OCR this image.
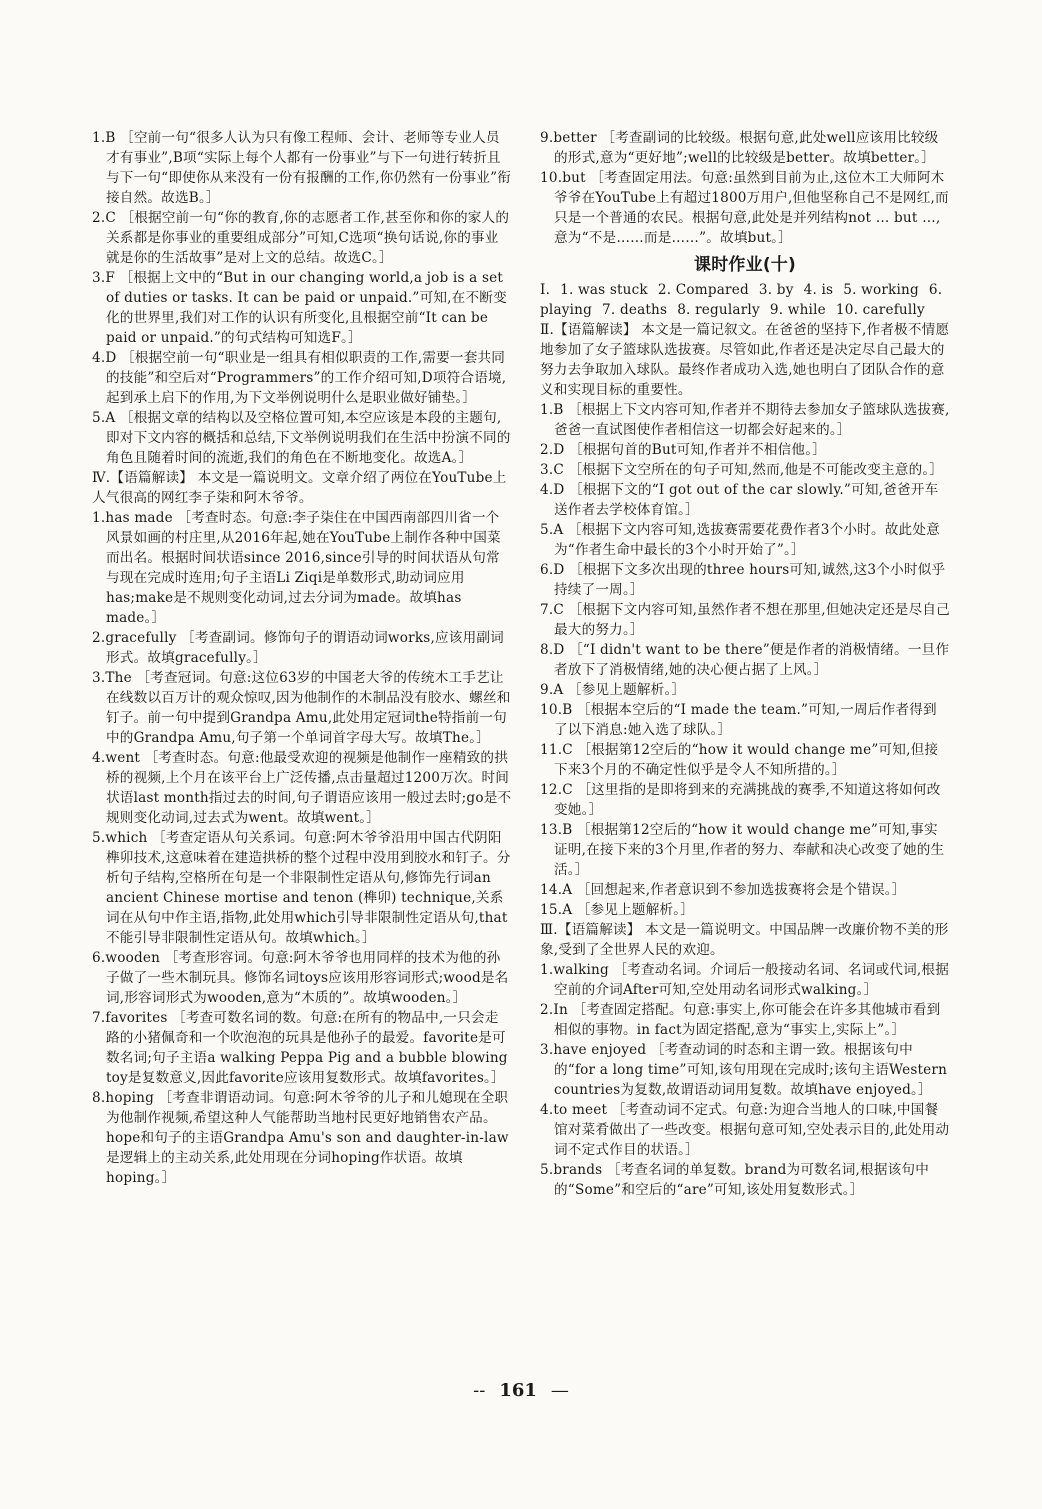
1.B ［空前一句“很多人认为只有像工程师、会计、老师等专业人员才有事业”,B项“实际上每个人都有一份事业”与下一句进行转折且与下一句“即使你从来没有一份有报酬的工作,你仍然有一份事业”衔接自然。故选B。］
2.C ［根据空前一句“你的教育,你的志愿者工作,甚至你和你的家人的关系都是你事业的重要组成部分”可知,C选项“换句话说,你的事业就是你的生活故事”是对上文的总结。故选C。］
3.F ［根据上文中的“But in our changing world,a job is a set of duties or tasks. It can be paid or unpaid.”可知,在不断变化的世界里,我们对工作的认识有所变化,且根据空前“It can be paid or unpaid.”的句式结构可知选F。］
4.D ［根据空前一句“职业是一组具有相似职责的工作,需要一套共同的技能”和空后对“Programmers”的工作介绍可知,D项符合语境,起到承上启下的作用,为下文举例说明什么是职业做好铺垫。］
5.A ［根据文章的结构以及空格位置可知,本空应该是本段的主题句,即对下文内容的概括和总结,下文举例说明我们在生活中扮演不同的角色且随着时间的流逝,我们的角色在不断地变化。故选A。］
Ⅳ.【语篇解读】 本文是一篇说明文。文章介绍了两位在YouTube上人气很高的网红李子柒和阿木爷爷。
1.has made ［考查时态。句意:李子柒住在中国西南部四川省一个风景如画的村庄里,从2016年起,她在YouTube上制作各种中国菜而出名。根据时间状语since 2016,since引导的时间状语从句常与现在完成时连用;句子主语Li Ziqi是单数形式,助动词应用has;make是不规则变化动词,过去分词为made。故填has made。］
2.gracefully ［考查副词。修饰句子的谓语动词works,应该用副词形式。故填gracefully。］
3.The ［考查冠词。句意:这位63岁的中国老大爷的传统木工手艺让在线数以百万计的观众惊叹,因为他制作的木制品没有胶水、螺丝和钉子。前一句中提到Grandpa Amu,此处用定冠词the特指前一句中的Grandpa Amu,句子第一个单词首字母大写。故填The。］
4.went ［考查时态。句意:他最受欢迎的视频是他制作一座精致的拱桥的视频,上个月在该平台上广泛传播,点击量超过1200万次。时间状语last month指过去的时间,句子谓语应该用一般过去时;go是不规则变化动词,过去式为went。故填went。］
5.which ［考查定语从句关系词。句意:阿木爷爷沿用中国古代阴阳榫卯技术,这意味着在建造拱桥的整个过程中没用到胶水和钉子。分析句子结构,空格所在句是一个非限制性定语从句,修饰先行词an ancient Chinese mortise and tenon (榫卯) technique,关系词在从句中作主语,指物,此处用which引导非限制性定语从句,that不能引导非限制性定语从句。故填which。］
6.wooden ［考查形容词。句意:阿木爷爷也用同样的技术为他的孙子做了一些木制玩具。修饰名词toys应该用形容词形式;wood是名词,形容词形式为wooden,意为“木质的”。故填wooden。］
7.favorites ［考查可数名词的数。句意:在所有的物品中,一只会走路的小猪佩奇和一个吹泡泡的玩具是他孙子的最爱。favorite是可数名词;句子主语a walking Peppa Pig and a bubble blowing toy是复数意义,因此favorite应该用复数形式。故填favorites。］
8.hoping ［考查非谓语动词。句意:阿木爷爷的儿子和儿媳现在全职为他制作视频,希望这种人气能帮助当地村民更好地销售农产品。hope和句子的主语Grandpa Amu's son and daughter-in-law是逻辑上的主动关系,此处用现在分词hoping作状语。故填hoping。］
9.better ［考查副词的比较级。根据句意,此处well应该用比较级的形式,意为“更好地”;well的比较级是better。故填better。］
10.but ［考查固定用法。句意:虽然到目前为止,这位木工大师阿木爷爷在YouTube上有超过1800万用户,但他坚称自己不是网红,而只是一个普通的农民。根据句意,此处是并列结构not … but …,意为“不是……而是……”。故填but。］
课时作业(十)
Ⅰ. 1. was stuck 2. Compared 3. by 4. is 5. working 6. playing 7. deaths 8. regularly 9. while 10. carefully
Ⅱ.【语篇解读】 本文是一篇记叙文。在爸爸的坚持下,作者极不情愿地参加了女子篮球队选拔赛。尽管如此,作者还是决定尽自己最大的努力去争取加入球队。最终作者成功入选,她也明白了团队合作的意义和实现目标的重要性。
1.B ［根据上下文内容可知,作者并不期待去参加女子篮球队选拔赛,爸爸一直试图使作者相信这一切都会好起来的。］
2.D ［根据句首的But可知,作者并不相信他。］
3.C ［根据下文空所在的句子可知,然而,他是不可能改变主意的。］
4.D ［根据下文的“I got out of the car slowly.”可知,爸爸开车送作者去学校体育馆。］
5.A ［根据下文内容可知,选拔赛需要花费作者3个小时。故此处意为“作者生命中最长的3个小时开始了”。］
6.D ［根据下文多次出现的three hours可知,诚然,这3个小时似乎持续了一周。］
7.C ［根据下文内容可知,虽然作者不想在那里,但她决定还是尽自己最大的努力。］
8.D ［“I didn't want to be there”便是作者的消极情绪。一旦作者放下了消极情绪,她的决心便占据了上风。］
9.A ［参见上题解析。］
10.B ［根据本空后的“I made the team.”可知,一周后作者得到了以下消息:她入选了球队。］
11.C ［根据第12空后的“how it would change me”可知,但接下来3个月的不确定性似乎是令人不知所措的。］
12.C ［这里指的是即将到来的充满挑战的赛季,不知道这将如何改变她。］
13.B ［根据第12空后的“how it would change me”可知,事实证明,在接下来的3个月里,作者的努力、奉献和决心改变了她的生活。］
14.A ［回想起来,作者意识到不参加选拔赛将会是个错误。］
15.A ［参见上题解析。］
Ⅲ.【语篇解读】 本文是一篇说明文。中国品牌一改廉价物不美的形象,受到了全世界人民的欢迎。
1.walking ［考查动名词。介词后一般接动名词、名词或代词,根据空前的介词After可知,空处用动名词形式walking。］
2.In ［考查固定搭配。句意:事实上,你可能会在许多其他城市看到相似的事物。in fact为固定搭配,意为“事实上,实际上”。］
3.have enjoyed ［考查动词的时态和主谓一致。根据该句中的“for a long time”可知,该句用现在完成时;该句主语Western countries为复数,故谓语动词用复数。故填have enjoyed。］
4.to meet ［考查动词不定式。句意:为迎合当地人的口味,中国餐馆对菜肴做出了一些改变。根据句意可知,空处表示目的,此处用动词不定式作目的状语。］
5.brands ［考查名词的单复数。brand为可数名词,根据该句中的“Some”和空后的“are”可知,该处用复数形式。］
-- 161 —
